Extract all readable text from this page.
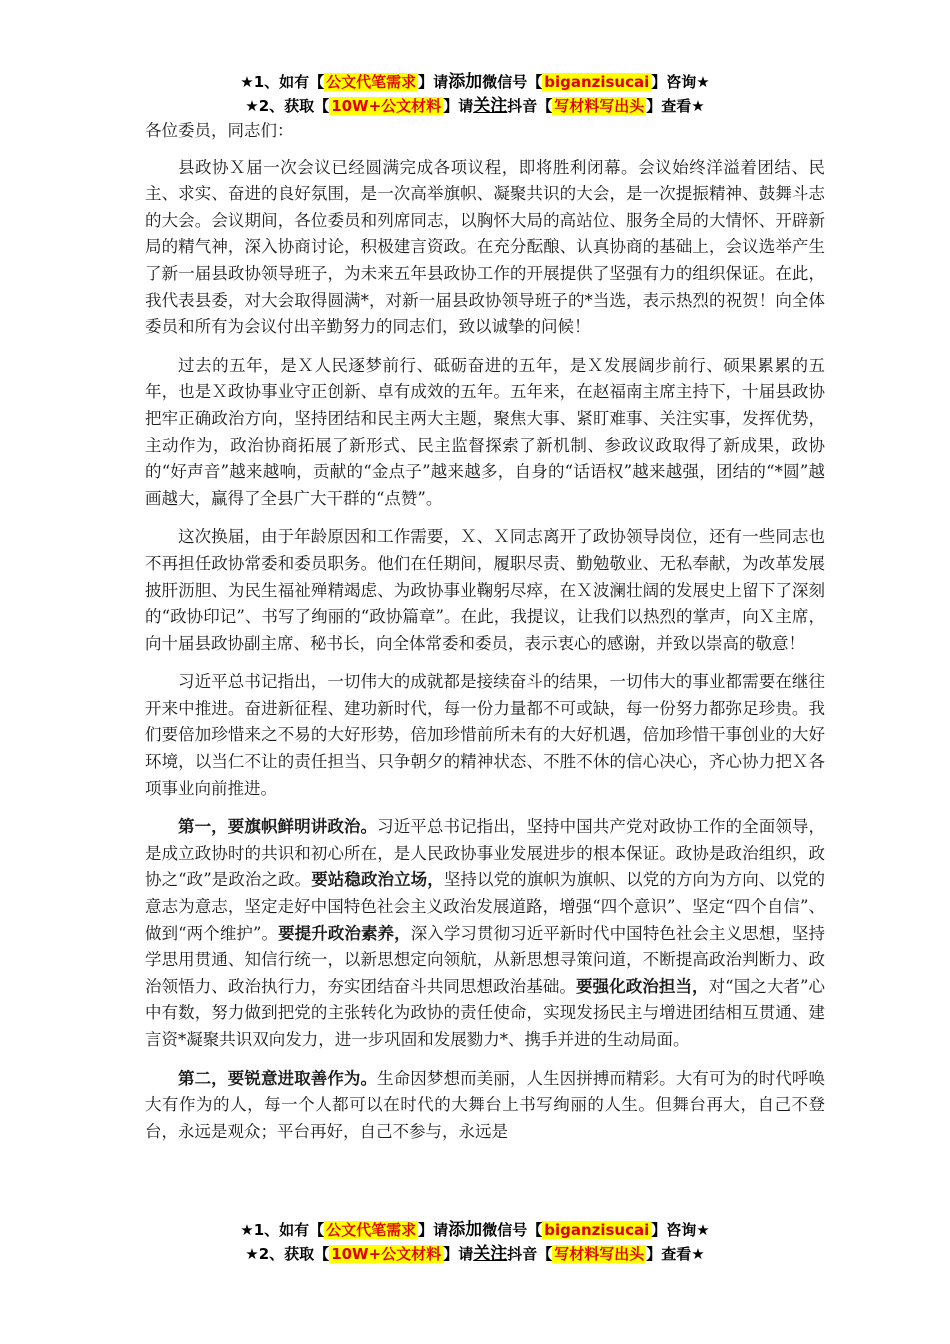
★1、如有【 公文代笔需求 】请添加微信号【 biganzisucai 】咨询★
★2、获取【 10W+公文材料 】请关注抖音【 写材料写出头 】查看★

各位委员，同志们：

县政协Ｘ届一次会议已经圆满完成各项议程，即将胜利闭幕。会议始终洋溢着团结、民主、求实、奋进的良好氛围，是一次高举旗帜、凝聚共识的大会，是一次提振精神、鼓舞斗志的大会。会议期间，各位委员和列席同志，以胸怀大局的高站位、服务全局的大情怀、开辟新局的精气神，深入协商讨论，积极建言资政。在充分酝酿、认真协商的基础上，会议选举产生了新一届县政协领导班子，为未来五年县政协工作的开展提供了坚强有力的组织保证。在此，我代表县委，对大会取得圆满*，对新一届县政协领导班子的*当选，表示热烈的祝贺！向全体委员和所有为会议付出辛勤努力的同志们，致以诚挚的问候！

过去的五年，是Ｘ人民逐梦前行、砥砺奋进的五年，是Ｘ发展阔步前行、硕果累累的五年，也是Ｘ政协事业守正创新、卓有成效的五年。五年来，在赵福南主席主持下，十届县政协把牢正确政治方向，坚持团结和民主两大主题，聚焦大事、紧盯难事、关注实事，发挥优势，主动作为，政治协商拓展了新形式、民主监督探索了新机制、参政议政取得了新成果，政协的“好声音”越来越响，贡献的“金点子”越来越多，自身的“话语权”越来越强，团结的“*圆”越画越大，赢得了全县广大干群的“点赞”。

这次换届，由于年龄原因和工作需要，Ｘ、Ｘ同志离开了政协领导岗位，还有一些同志也不再担任政协常委和委员职务。他们在任期间，履职尽责、勤勉敬业、无私奉献，为改革发展披肝沥胆、为民生福祉殚精竭虑、为政协事业鞠躬尽瘁，在Ｘ波澜壮阔的发展史上留下了深刻的“政协印记”、书写了绚丽的“政协篇章”。在此，我提议，让我们以热烈的掌声，向Ｘ主席，向十届县政协副主席、秘书长，向全体常委和委员，表示衷心的感谢，并致以崇高的敬意！

习近平总书记指出，一切伟大的成就都是接续奋斗的结果，一切伟大的事业都需要在继往开来中推进。奋进新征程、建功新时代，每一份力量都不可或缺，每一份努力都弥足珍贵。我们要倍加珍惜来之不易的大好形势，倍加珍惜前所未有的大好机遇，倍加珍惜干事创业的大好环境，以当仁不让的责任担当、只争朝夕的精神状态、不胜不休的信心决心，齐心协力把Ｘ各项事业向前推进。

第一，要旗帜鲜明讲政治。习近平总书记指出，坚持中国共产党对政协工作的全面领导，是成立政协时的共识和初心所在，是人民政协事业发展进步的根本保证。政协是政治组织，政协之“政”是政治之政。要站稳政治立场，坚持以党的旗帜为旗帜、以党的方向为方向、以党的意志为意志，坚定走好中国特色社会主义政治发展道路，增强“四个意识”、坚定“四个自信”、做到“两个维护”。要提升政治素养，深入学习贯彻习近平新时代中国特色社会主义思想，坚持学思用贯通、知信行统一，以新思想定向领航，从新思想寻策问道，不断提高政治判断力、政治领悟力、政治执行力，夯实团结奋斗共同思想政治基础。要强化政治担当，对“国之大者”心中有数，努力做到把党的主张转化为政协的责任使命，实现发扬民主与增进团结相互贯通、建言资*凝聚共识双向发力，进一步巩固和发展勠力*、携手并进的生动局面。

第二，要锐意进取善作为。生命因梦想而美丽，人生因拼搏而精彩。大有可为的时代呼唤大有作为的人，每一个人都可以在时代的大舞台上书写绚丽的人生。但舞台再大，自己不登台，永远是观众；平台再好，自己不参与，永远是

★1、如有【 公文代笔需求 】请添加微信号【 biganzisucai 】咨询★
★2、获取【 10W+公文材料 】请关注抖音【 写材料写出头 】查看★
